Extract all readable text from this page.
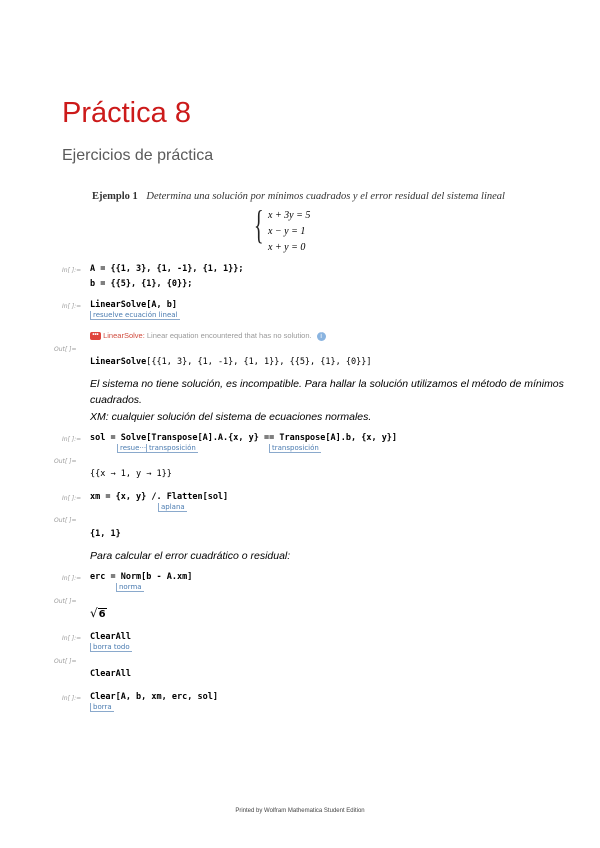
Práctica 8
Ejercicios de práctica
Ejemplo 1 Determina una solución por mínimos cuadrados y el error residual del sistema lineal
{ x + 3y = 5
x − y = 1
x + y = 0
In[ ]:= A = {{1, 3}, {1, -1}, {1, 1}};
b = {{5}, {1}, {0}};
In[ ]:= LinearSolve[A, b]
resuelve ecuación lineal
••• LinearSolve: Linear equation encountered that has no solution. i
Out[ ]=
LinearSolve[{{1, 3}, {1, -1}, {1, 1}}, {{5}, {1}, {0}}]
El sistema no tiene solución, es incompatible. Para hallar la solución utilizamos el método de mínimos
cuadrados.
XM: cualquier solución del sistema de ecuaciones normales.
In[ ]:= sol = Solve[Transpose[A].A.{x, y} == Transpose[A].b, {x, y}]
resue··· transposición	transposición
Out[ ]=
{{x → 1, y → 1}}
In[ ]:= xm = {x, y} /. Flatten[sol]
aplana
Out[ ]=
{1, 1}
Para calcular el error cuadrático o residual:
In[ ]:= erc = Norm[b - A.xm]
norma
Out[ ]=
√6
In[ ]:= ClearAll
borra todo
Out[ ]=
ClearAll
In[ ]:= Clear[A, b, xm, erc, sol]
borra
Printed by Wolfram Mathematica Student Edition
